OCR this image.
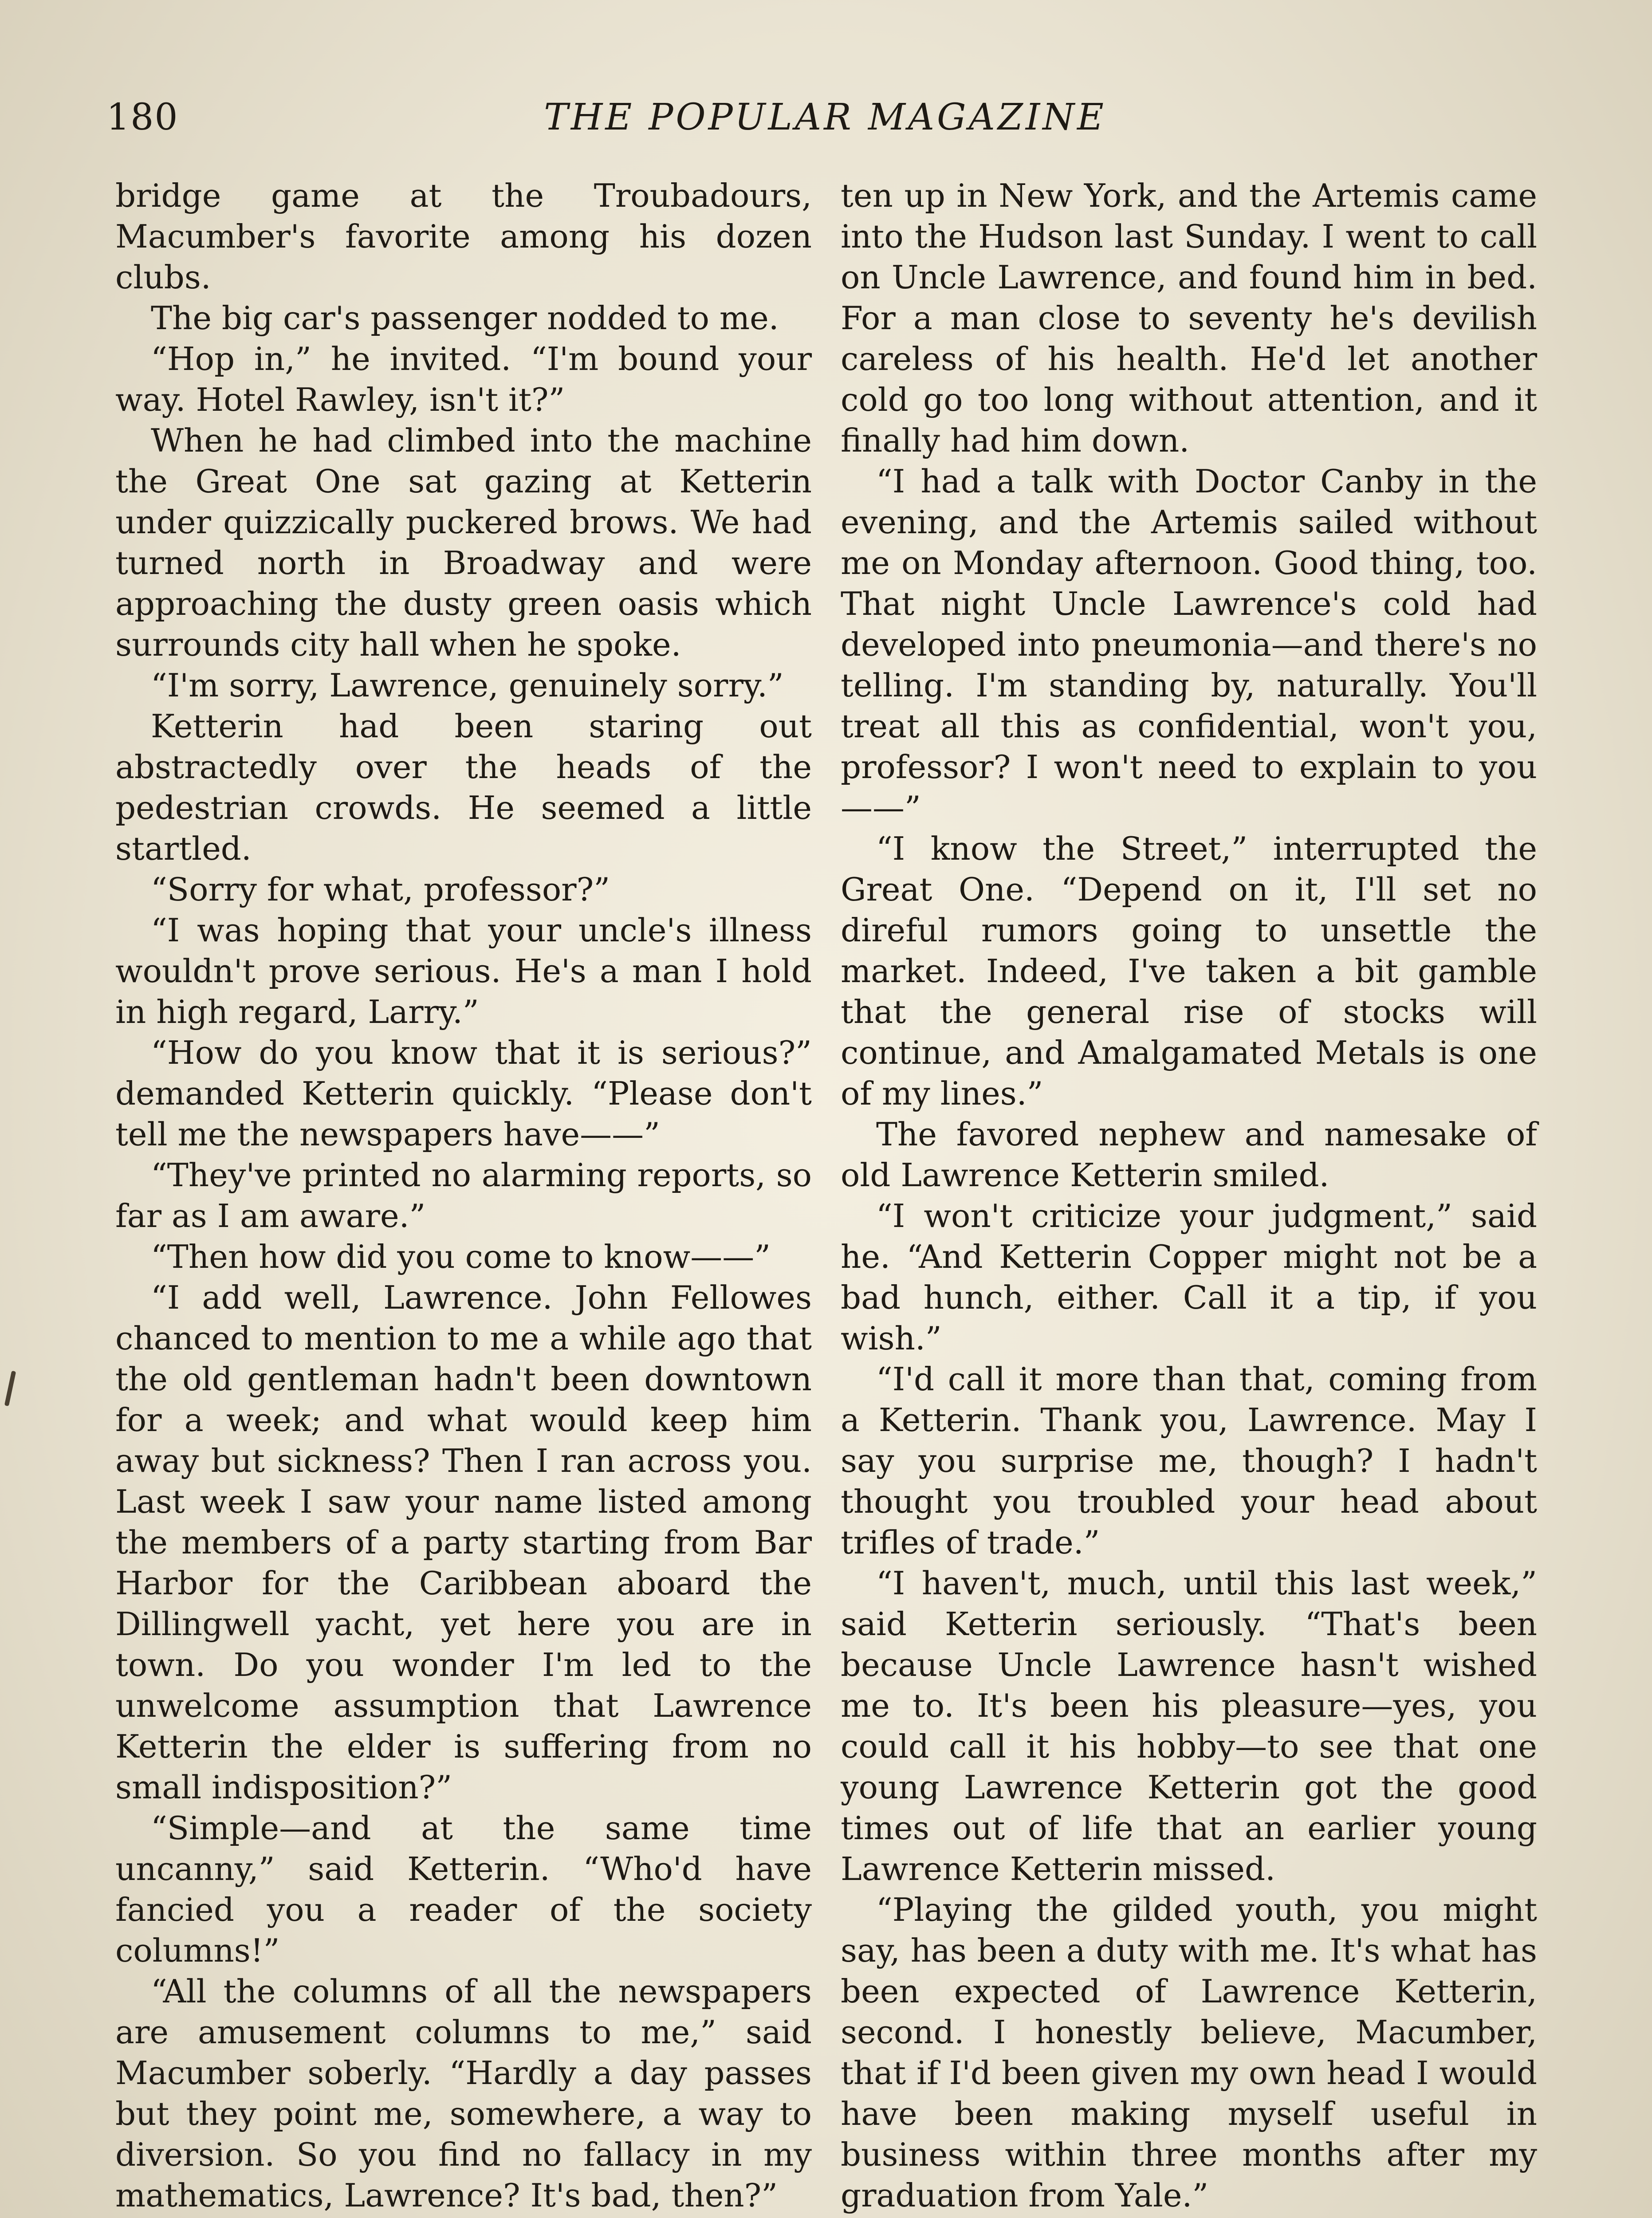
180	THE POPULAR MAGAZINE

bridge game at the Troubadours, Macumber's favorite among his dozen clubs.

The big car's passenger nodded to me.

“Hop in,” he invited. “I'm bound your way. Hotel Rawley, isn't it?”

When he had climbed into the machine the Great One sat gazing at Ketterin under quizzically puckered brows. We had turned north in Broadway and were approaching the dusty green oasis which surrounds city hall when he spoke.

“I'm sorry, Lawrence, genuinely sorry.”

Ketterin had been staring out abstractedly over the heads of the pedestrian crowds. He seemed a little startled.

“Sorry for what, professor?”

“I was hoping that your uncle's illness wouldn't prove serious. He's a man I hold in high regard, Larry.”

“How do you know that it is serious?” demanded Ketterin quickly. “Please don't tell me the newspapers have——”

“They've printed no alarming reports, so far as I am aware.”

“Then how did you come to know——”

“I add well, Lawrence. John Fellowes chanced to mention to me a while ago that the old gentleman hadn't been downtown for a week; and what would keep him away but sickness? Then I ran across you. Last week I saw your name listed among the members of a party starting from Bar Harbor for the Caribbean aboard the Dillingwell yacht, yet here you are in town. Do you wonder I'm led to the unwelcome assumption that Lawrence Ketterin the elder is suffering from no small indisposition?”

“Simple—and at the same time uncanny,” said Ketterin. “Who'd have fancied you a reader of the society columns!”

“All the columns of all the newspapers are amusement columns to me,” said Macumber soberly. “Hardly a day passes but they point me, somewhere, a way to diversion. So you find no fallacy in my mathematics, Lawrence? It's bad, then?”

ten up in New York, and the Artemis came into the Hudson last Sunday. I went to call on Uncle Lawrence, and found him in bed. For a man close to seventy he's devilish careless of his health. He'd let another cold go too long without attention, and it finally had him down.

“I had a talk with Doctor Canby in the evening, and the Artemis sailed without me on Monday afternoon. Good thing, too. That night Uncle Lawrence's cold had developed into pneumonia—and there's no telling. I'm standing by, naturally. You'll treat all this as confidential, won't you, professor? I won't need to explain to you——”

“I know the Street,” interrupted the Great One. “Depend on it, I'll set no direful rumors going to unsettle the market. Indeed, I've taken a bit gamble that the general rise of stocks will continue, and Amalgamated Metals is one of my lines.”

The favored nephew and namesake of old Lawrence Ketterin smiled.

“I won't criticize your judgment,” said he. “And Ketterin Copper might not be a bad hunch, either. Call it a tip, if you wish.”

“I'd call it more than that, coming from a Ketterin. Thank you, Lawrence. May I say you surprise me, though? I hadn't thought you troubled your head about trifles of trade.”

“I haven't, much, until this last week,” said Ketterin seriously. “That's been because Uncle Lawrence hasn't wished me to. It's been his pleasure—yes, you could call it his hobby—to see that one young Lawrence Ketterin got the good times out of life that an earlier young Lawrence Ketterin missed.

“Playing the gilded youth, you might say, has been a duty with me. It's what has been expected of Lawrence Ketterin, second. I honestly believe, Macumber, that if I'd been given my own head I would have been making myself useful in business within three months after my graduation from Yale.”
